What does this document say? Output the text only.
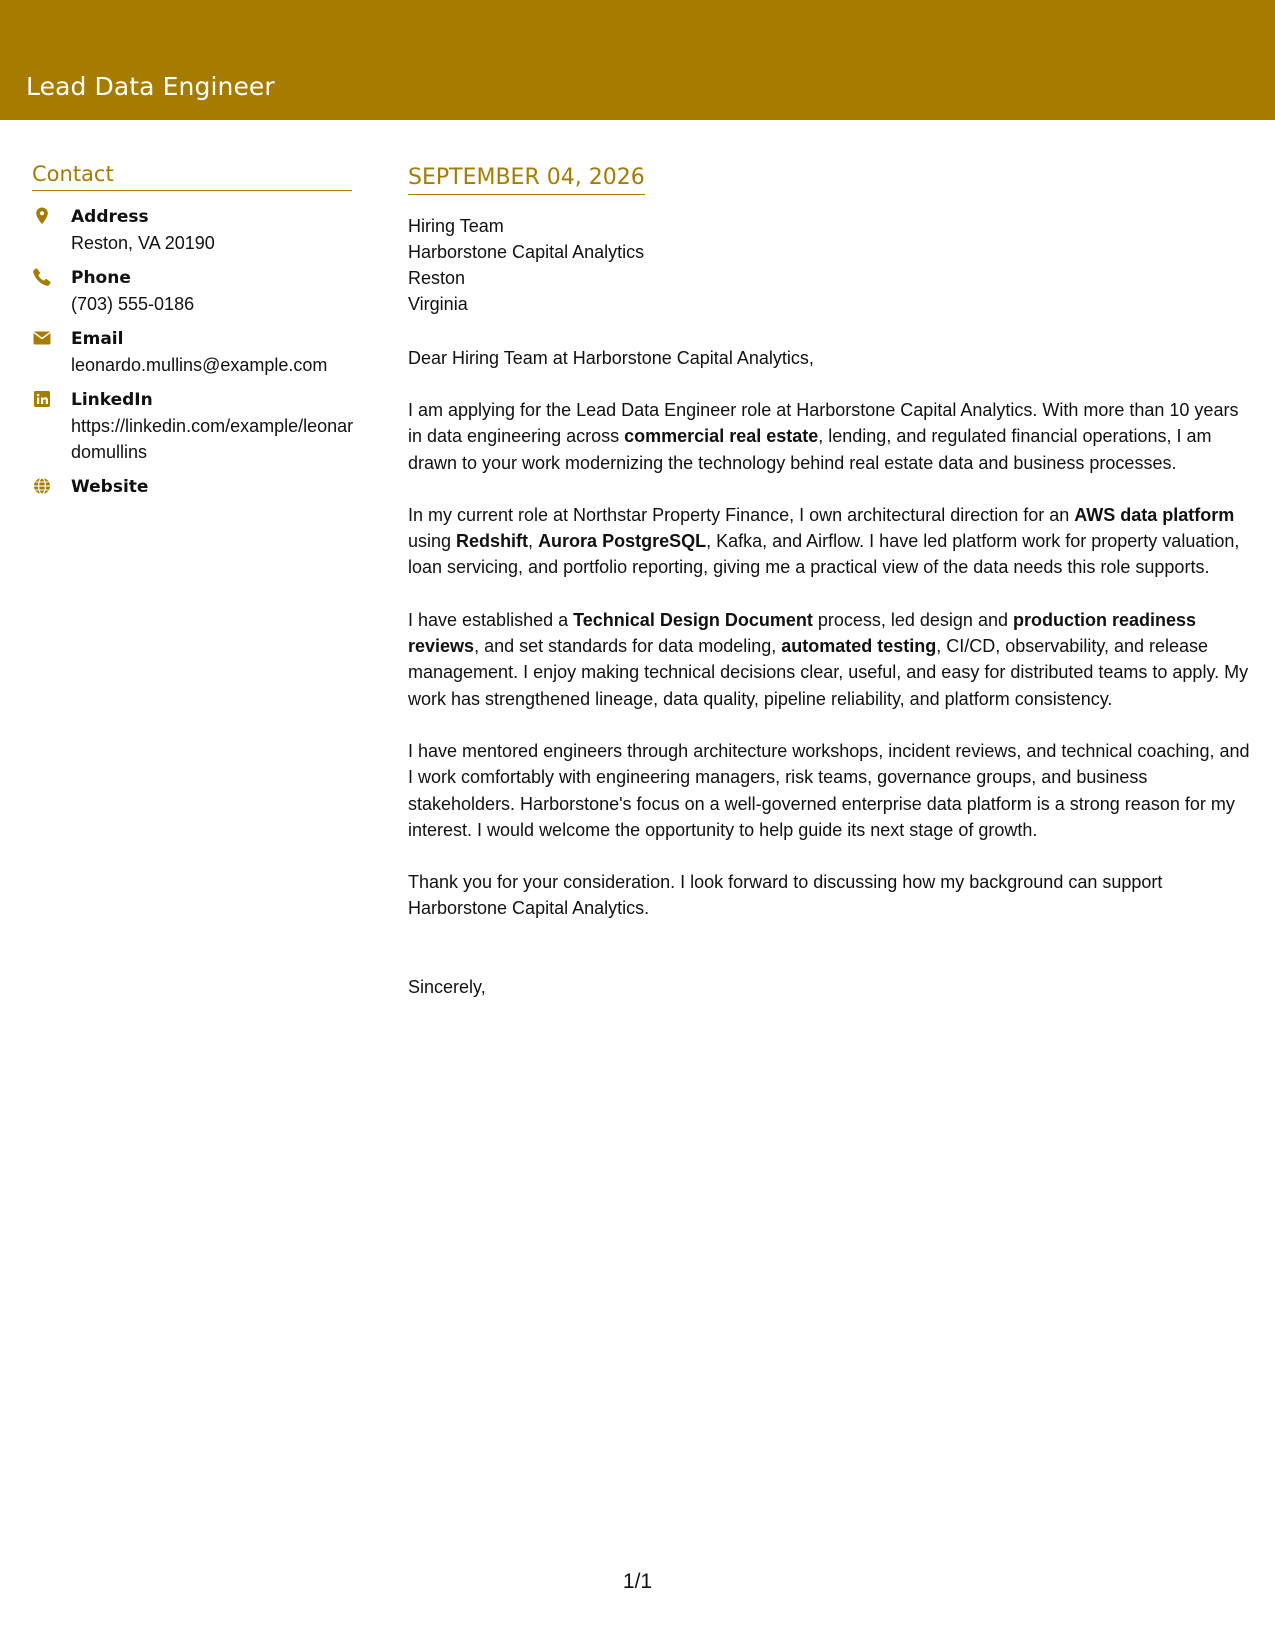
Lead Data Engineer
Contact
Address
Reston, VA 20190
Phone
(703) 555-0186
Email
leonardo.mullins@example.com
LinkedIn
https://linkedin.com/example/leonardomullins
Website
SEPTEMBER 04, 2026
Hiring Team
Harborstone Capital Analytics
Reston
Virginia
Dear Hiring Team at Harborstone Capital Analytics,
I am applying for the Lead Data Engineer role at Harborstone Capital Analytics. With more than 10 years in data engineering across commercial real estate, lending, and regulated financial operations, I am drawn to your work modernizing the technology behind real estate data and business processes.
In my current role at Northstar Property Finance, I own architectural direction for an AWS data platform using Redshift, Aurora PostgreSQL, Kafka, and Airflow. I have led platform work for property valuation, loan servicing, and portfolio reporting, giving me a practical view of the data needs this role supports.
I have established a Technical Design Document process, led design and production readiness reviews, and set standards for data modeling, automated testing, CI/CD, observability, and release management. I enjoy making technical decisions clear, useful, and easy for distributed teams to apply. My work has strengthened lineage, data quality, pipeline reliability, and platform consistency.
I have mentored engineers through architecture workshops, incident reviews, and technical coaching, and I work comfortably with engineering managers, risk teams, governance groups, and business stakeholders. Harborstone's focus on a well-governed enterprise data platform is a strong reason for my interest. I would welcome the opportunity to help guide its next stage of growth.
Thank you for your consideration. I look forward to discussing how my background can support Harborstone Capital Analytics.
Sincerely,
1/1
